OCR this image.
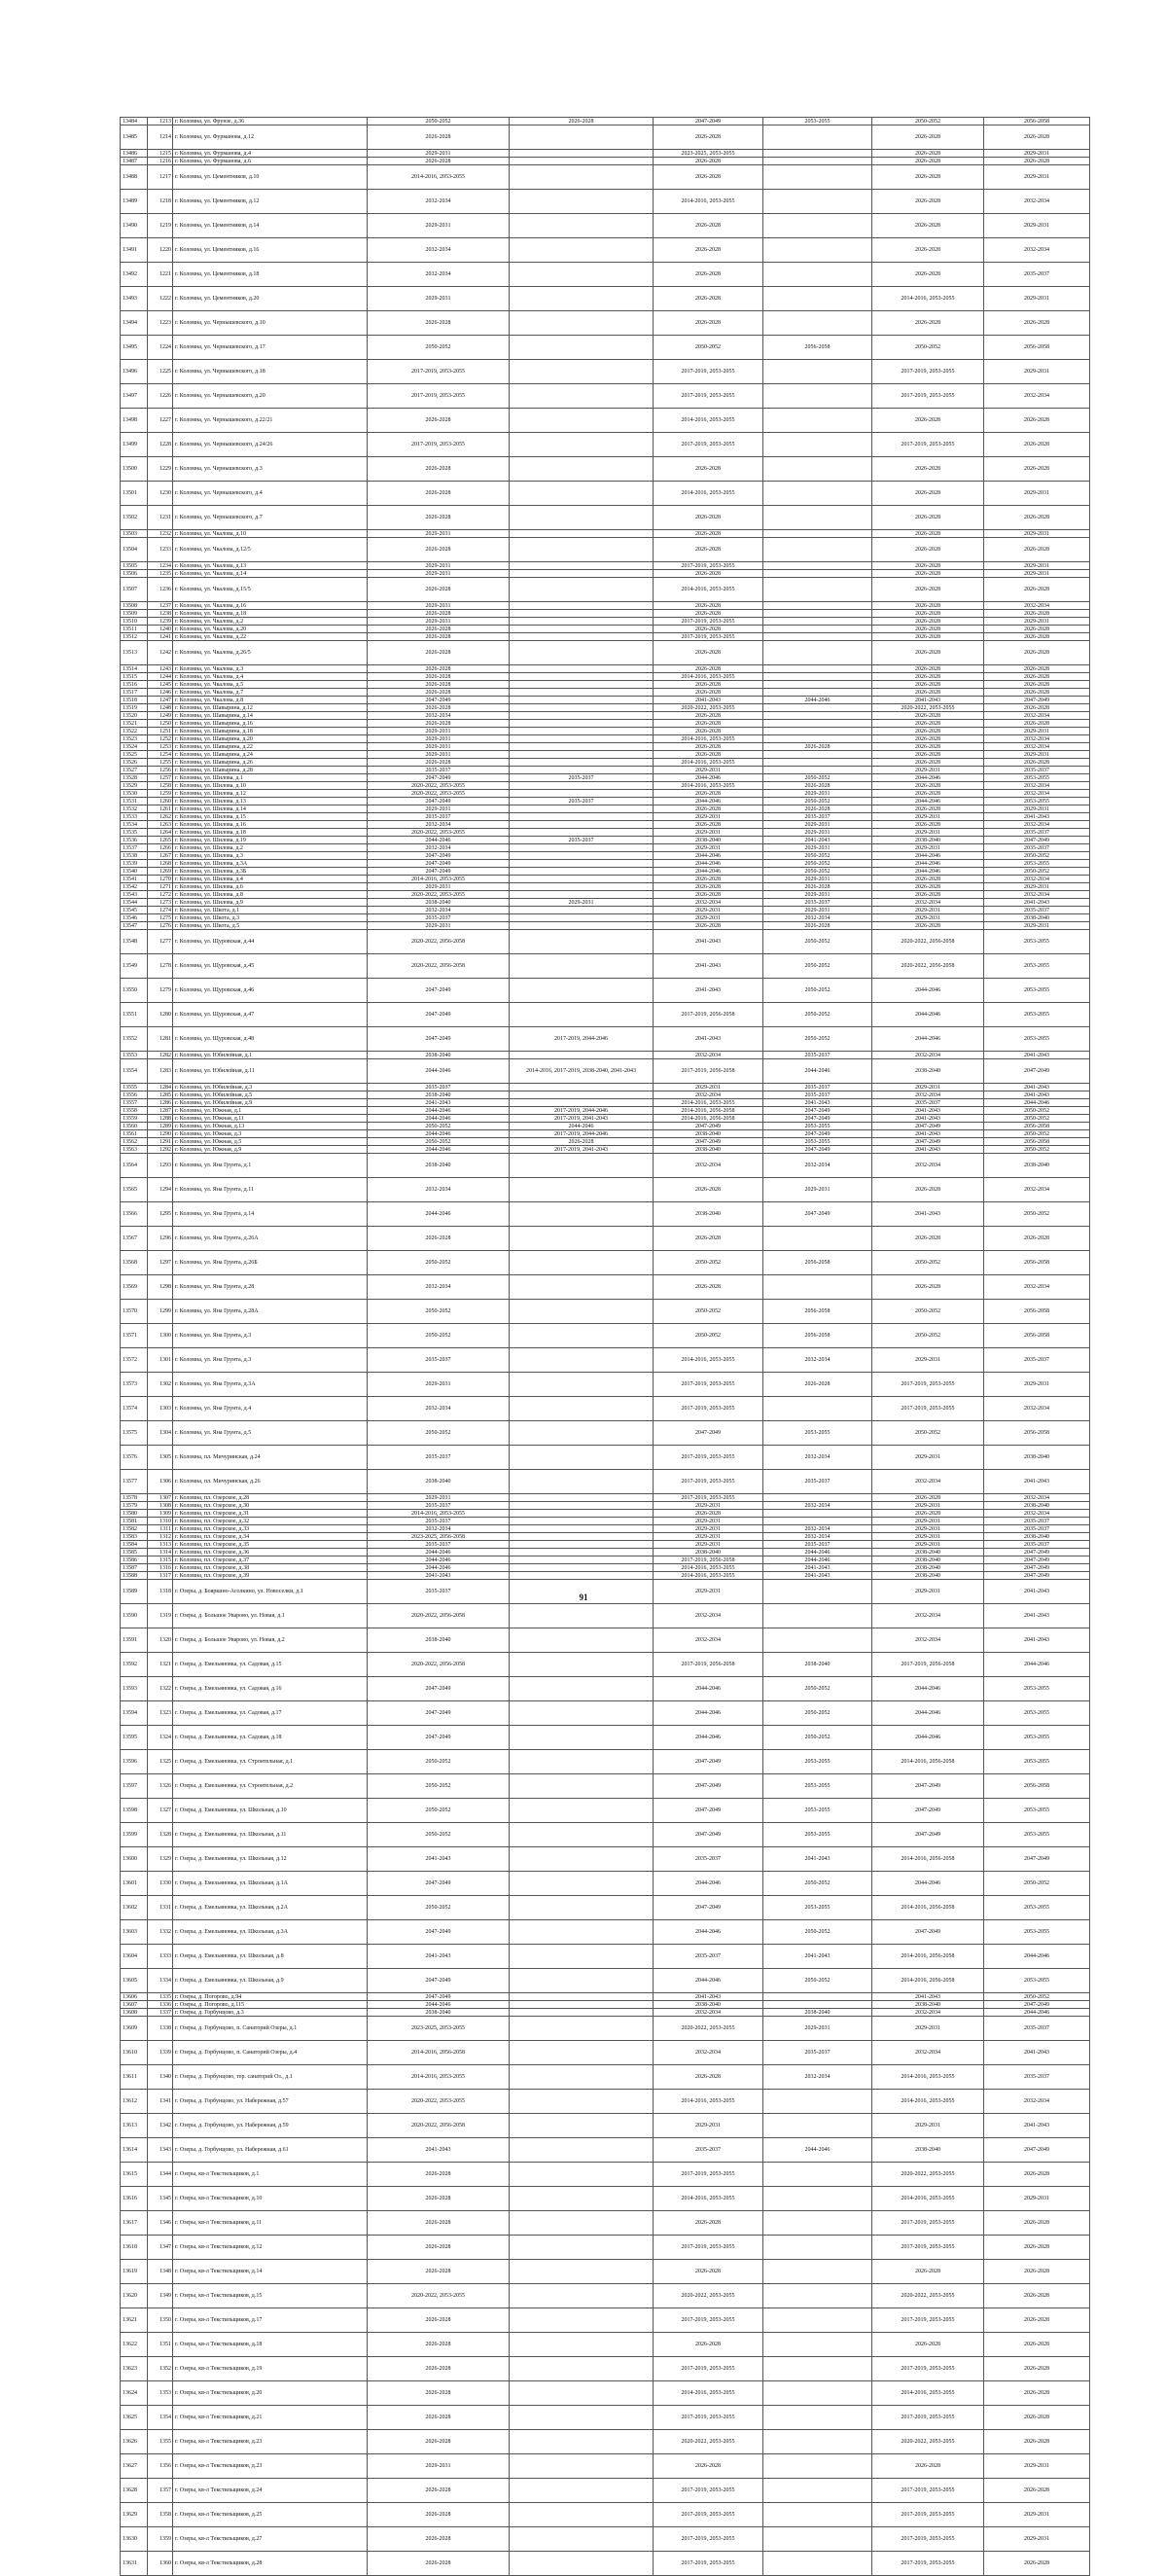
13484	1213	г. Коломна, ул. Фрунзе, д.36	2050-2052	2026-2028	2047-2049	2053-2055	2050-2052	2056-2058
13485	1214	г. Коломна, ул. Фурманова, д.12	2026-2028		2026-2028		2026-2028	2026-2028
13486	1215	г. Коломна, ул. Фурманова, д.4	2029-2031		2023-2025, 2053-2055		2026-2028	2029-2031
13487	1216	г. Коломна, ул. Фурманова, д.6	2026-2028		2026-2028		2026-2028	2026-2028
13488	1217	г. Коломна, ул. Цементников, д.10	2014-2016, 2053-2055		2026-2028		2026-2028	2029-2031
13489	1218	г. Коломна, ул. Цементников, д.12	2032-2034		2014-2016, 2053-2055		2026-2028	2032-2034
13490	1219	г. Коломна, ул. Цементников, д.14	2029-2031		2026-2028		2026-2028	2029-2031
13491	1220	г. Коломна, ул. Цементников, д.16	2032-2034		2026-2028		2026-2028	2032-2034
13492	1221	г. Коломна, ул. Цементников, д.18	2032-2034		2026-2028		2026-2028	2035-2037
13493	1222	г. Коломна, ул. Цементников, д.20	2029-2031		2026-2028		2014-2016, 2053-2055	2029-2031
13494	1223	г. Коломна, ул. Чернышевского, д.10	2026-2028		2026-2028		2026-2028	2026-2028
13495	1224	г. Коломна, ул. Чернышевского, д.17	2050-2052		2050-2052	2056-2058	2050-2052	2056-2058
13496	1225	г. Коломна, ул. Чернышевского, д.18	2017-2019, 2053-2055		2017-2019, 2053-2055		2017-2019, 2053-2055	2029-2031
13497	1226	г. Коломна, ул. Чернышевского, д.20	2017-2019, 2053-2055		2017-2019, 2053-2055		2017-2019, 2053-2055	2032-2034
13498	1227	г. Коломна, ул. Чернышевского, д.22/21	2026-2028		2014-2016, 2053-2055		2026-2028	2026-2028
13499	1228	г. Коломна, ул. Чернышевского, д.24/26	2017-2019, 2053-2055		2017-2019, 2053-2055		2017-2019, 2053-2055	2026-2028
13500	1229	г. Коломна, ул. Чернышевского, д.3	2026-2028		2026-2028		2026-2028	2026-2028
13501	1230	г. Коломна, ул. Чернышевского, д.4	2026-2028		2014-2016, 2053-2055		2026-2028	2029-2031
13502	1231	г. Коломна, ул. Чернышевского, д.7	2026-2028		2026-2028		2026-2028	2026-2028
13503	1232	г. Коломна, ул. Чкалова, д.10	2029-2031		2026-2028		2026-2028	2029-2031
13504	1233	г. Коломна, ул. Чкалова, д.12/5	2026-2028		2026-2028		2026-2028	2026-2028
13505	1234	г. Коломна, ул. Чкалова, д.13	2029-2031		2017-2019, 2053-2055		2026-2028	2029-2031
13506	1235	г. Коломна, ул. Чкалова, д.14	2029-2031		2026-2028		2026-2028	2029-2031
13507	1236	г. Коломна, ул. Чкалова, д.15/5	2026-2028		2014-2016, 2053-2055		2026-2028	2026-2028
13508	1237	г. Коломна, ул. Чкалова, д.16	2029-2031		2026-2028		2026-2028	2032-2034
13509	1238	г. Коломна, ул. Чкалова, д.18	2026-2028		2026-2028		2026-2028	2026-2028
13510	1239	г. Коломна, ул. Чкалова, д.2	2029-2031		2017-2019, 2053-2055		2026-2028	2029-2031
13511	1240	г. Коломна, ул. Чкалова, д.20	2026-2028		2026-2028		2026-2028	2026-2028
13512	1241	г. Коломна, ул. Чкалова, д.22	2026-2028		2017-2019, 2053-2055		2026-2028	2026-2028
13513	1242	г. Коломна, ул. Чкалова, д.26/5	2026-2028		2026-2028		2026-2028	2026-2028
13514	1243	г. Коломна, ул. Чкалова, д.3	2026-2028		2026-2028		2026-2028	2026-2028
13515	1244	г. Коломна, ул. Чкалова, д.4	2026-2028		2014-2016, 2053-2055		2026-2028	2026-2028
13516	1245	г. Коломна, ул. Чкалова, д.5	2026-2028		2026-2028		2026-2028	2026-2028
13517	1246	г. Коломна, ул. Чкалова, д.7	2026-2028		2026-2028		2026-2028	2026-2028
13518	1247	г. Коломна, ул. Чкалова, д.8	2047-2049		2041-2043	2044-2046	2041-2043	2047-2049
13519	1248	г. Коломна, ул. Шавырина, д.12	2026-2028		2020-2022, 2053-2055		2020-2022, 2053-2055	2026-2028
13520	1249	г. Коломна, ул. Шавырина, д.14	2032-2034		2026-2028		2026-2028	2032-2034
13521	1250	г. Коломна, ул. Шавырина, д.16	2026-2028		2026-2028		2026-2028	2026-2028
13522	1251	г. Коломна, ул. Шавырина, д.18	2029-2031		2026-2028		2026-2028	2029-2031
13523	1252	г. Коломна, ул. Шавырина, д.20	2029-2031		2014-2016, 2053-2055		2026-2028	2032-2034
13524	1253	г. Коломна, ул. Шавырина, д.22	2029-2031		2026-2028	2026-2028	2026-2028	2032-2034
13525	1254	г. Коломна, ул. Шавырина, д.24	2029-2031		2026-2028		2026-2028	2029-2031
13526	1255	г. Коломна, ул. Шавырина, д.26	2026-2028		2014-2016, 2053-2055		2026-2028	2026-2028
13527	1256	г. Коломна, ул. Шавырина, д.28	2035-2037		2029-2031		2029-2031	2035-2037
13528	1257	г. Коломна, ул. Шилова, д.1	2047-2049	2035-2037	2044-2046	2050-2052	2044-2046	2053-2055
13529	1258	г. Коломна, ул. Шилова, д.10	2020-2022, 2053-2055		2014-2016, 2053-2055	2026-2028	2026-2028	2032-2034
13530	1259	г. Коломна, ул. Шилова, д.12	2020-2022, 2053-2055		2026-2028	2029-2031	2026-2028	2032-2034
13531	1260	г. Коломна, ул. Шилова, д.13	2047-2049	2035-2037	2044-2046	2050-2052	2044-2046	2053-2055
13532	1261	г. Коломна, ул. Шилова, д.14	2029-2031		2026-2028	2026-2028	2026-2028	2029-2031
13533	1262	г. Коломна, ул. Шилова, д.15	2035-2037		2029-2031	2035-2037	2029-2031	2041-2043
13534	1263	г. Коломна, ул. Шилова, д.16	2032-2034		2026-2028	2029-2031	2026-2028	2032-2034
13535	1264	г. Коломна, ул. Шилова, д.18	2020-2022, 2053-2055		2029-2031	2029-2031	2029-2031	2035-2037
13536	1265	г. Коломна, ул. Шилова, д.19	2044-2046	2035-2037	2038-2040	2041-2043	2038-2040	2047-2049
13537	1266	г. Коломна, ул. Шилова, д.2	2032-2034		2029-2031	2029-2031	2029-2031	2035-2037
13538	1267	г. Коломна, ул. Шилова, д.3	2047-2049		2044-2046	2050-2052	2044-2046	2050-2052
13539	1268	г. Коломна, ул. Шилова, д.3А	2047-2049		2044-2046	2050-2052	2044-2046	2053-2055
13540	1269	г. Коломна, ул. Шилова, д.3Б	2047-2049		2044-2046	2050-2052	2044-2046	2050-2052
13541	1270	г. Коломна, ул. Шилова, д.4	2014-2016, 2053-2055		2026-2028	2029-2031	2026-2028	2032-2034
13542	1271	г. Коломна, ул. Шилова, д.6	2029-2031		2026-2028	2026-2028	2026-2028	2029-2031
13543	1272	г. Коломна, ул. Шилова, д.8	2020-2022, 2053-2055		2026-2028	2029-2031	2026-2028	2032-2034
13544	1273	г. Коломна, ул. Шилова, д.9	2038-2040	2029-2031	2032-2034	2035-2037	2032-2034	2041-2043
13545	1274	г. Коломна, ул. Шкота, д.1	2032-2034		2029-2031	2029-2031	2029-2031	2035-2037
13546	1275	г. Коломна, ул. Шкота, д.3	2035-2037		2029-2031	2032-2034	2029-2031	2038-2040
13547	1276	г. Коломна, ул. Шкота, д.5	2029-2031		2026-2028	2026-2028	2026-2028	2029-2031
13548	1277	г. Коломна, ул. Щуровская, д.44	2020-2022, 2056-2058		2041-2043	2050-2052	2020-2022, 2056-2058	2053-2055
13549	1278	г. Коломна, ул. Щуровская, д.45	2020-2022, 2056-2058		2041-2043	2050-2052	2020-2022, 2056-2058	2053-2055
13550	1279	г. Коломна, ул. Щуровская, д.46	2047-2049		2041-2043	2050-2052	2044-2046	2053-2055
13551	1280	г. Коломна, ул. Щуровская, д.47	2047-2049		2017-2019, 2056-2058	2050-2052	2044-2046	2053-2055
13552	1281	г. Коломна, ул. Щуровская, д.48	2047-2049	2017-2019, 2044-2046	2041-2043	2050-2052	2044-2046	2053-2055
13553	1282	г. Коломна, ул. Юбилейная, д.1	2038-2040		2032-2034	2035-2037	2032-2034	2041-2043
13554	1283	г. Коломна, ул. Юбилейная, д.11	2044-2046	2014-2016, 2017-2019, 2038-2040, 2041-2043	2017-2019, 2056-2058	2044-2046	2038-2040	2047-2049
13555	1284	г. Коломна, ул. Юбилейная, д.3	2035-2037		2029-2031	2035-2037	2029-2031	2041-2043
13556	1285	г. Коломна, ул. Юбилейная, д.5	2038-2040		2032-2034	2035-2037	2032-2034	2041-2043
13557	1286	г. Коломна, ул. Юбилейная, д.9	2041-2043		2014-2016, 2053-2055	2041-2043	2035-2037	2044-2046
13558	1287	г. Коломна, ул. Южная, д.1	2044-2046	2017-2019, 2044-2046	2014-2016, 2056-2058	2047-2049	2041-2043	2050-2052
13559	1288	г. Коломна, ул. Южная, д.11	2044-2046	2017-2019, 2041-2043	2014-2016, 2056-2058	2047-2049	2041-2043	2050-2052
13560	1289	г. Коломна, ул. Южная, д.13	2050-2052	2044-2046	2047-2049	2053-2055	2047-2049	2056-2058
13561	1290	г. Коломна, ул. Южная, д.3	2044-2046	2017-2019, 2044-2046	2038-2040	2047-2049	2041-2043	2050-2052
13562	1291	г. Коломна, ул. Южная, д.5	2050-2052	2026-2028	2047-2049	2053-2055	2047-2049	2056-2058
13563	1292	г. Коломна, ул. Южная, д.9	2044-2046	2017-2019, 2041-2043	2038-2040	2047-2049	2041-2043	2050-2052
13564	1293	г. Коломна, ул. Яна Грунта, д.1	2038-2040		2032-2034	2032-2034	2032-2034	2038-2040
13565	1294	г. Коломна, ул. Яна Грунта, д.11	2032-2034		2026-2028	2029-2031	2026-2028	2032-2034
13566	1295	г. Коломна, ул. Яна Грунта, д.14	2044-2046		2038-2040	2047-2049	2041-2043	2050-2052
13567	1296	г. Коломна, ул. Яна Грунта, д.26А	2026-2028		2026-2028		2026-2028	2026-2028
13568	1297	г. Коломна, ул. Яна Грунта, д.26Б	2050-2052		2050-2052	2056-2058	2050-2052	2056-2058
13569	1298	г. Коломна, ул. Яна Грунта, д.28	2032-2034		2026-2028		2026-2028	2032-2034
13570	1299	г. Коломна, ул. Яна Грунта, д.28А	2050-2052		2050-2052	2056-2058	2050-2052	2056-2058
13571	1300	г. Коломна, ул. Яна Грунта, д.3	2050-2052		2050-2052	2056-2058	2050-2052	2056-2058
13572	1301	г. Коломна, ул. Яна Грунта, д.3	2035-2037		2014-2016, 2053-2055	2032-2034	2029-2031	2035-2037
13573	1302	г. Коломна, ул. Яна Грунта, д.3А	2029-2031		2017-2019, 2053-2055	2026-2028	2017-2019, 2053-2055	2029-2031
13574	1303	г. Коломна, ул. Яна Грунта, д.4	2032-2034		2017-2019, 2053-2055		2017-2019, 2053-2055	2032-2034
13575	1304	г. Коломна, ул. Яна Грунта, д.5	2050-2052		2047-2049	2053-2055	2050-2052	2056-2058
13576	1305	г. Коломна, пл. Мичуринская, д.24	2035-2037		2017-2019, 2053-2055	2032-2034	2029-2031	2038-2040
13577	1306	г. Коломна, пл. Мичуринская, д.26	2038-2040		2017-2019, 2053-2055	2035-2037	2032-2034	2041-2043
13578	1307	г. Коломна, пл. Озерское, д.28	2029-2031		2017-2019, 2053-2055		2026-2028	2032-2034
13579	1308	г. Коломна, пл. Озерское, д.30	2035-2037		2029-2031	2032-2034	2029-2031	2038-2040
13580	1309	г. Коломна, пл. Озерское, д.31	2014-2016, 2053-2055		2026-2028		2026-2028	2032-2034
13581	1310	г. Коломна, пл. Озерское, д.32	2035-2037		2029-2031		2029-2031	2035-2037
13582	1311	г. Коломна, пл. Озерское, д.33	2032-2034		2029-2031	2032-2034	2029-2031	2035-2037
13583	1312	г. Коломна, пл. Озерское, д.34	2023-2025, 2056-2058		2029-2031	2032-2034	2029-2031	2038-2040
13584	1313	г. Коломна, пл. Озерское, д.35	2035-2037		2029-2031	2035-2037	2029-2031	2035-2037
13585	1314	г. Коломна, пл. Озерское, д.36	2044-2046		2038-2040	2044-2046	2038-2040	2047-2049
13586	1315	г. Коломна, пл. Озерское, д.37	2044-2046		2017-2019, 2056-2058	2044-2046	2038-2040	2047-2049
13587	1316	г. Коломна, пл. Озерское, д.38	2044-2046		2014-2016, 2053-2055	2041-2043	2038-2040	2047-2049
13588	1317	г. Коломна, пл. Озерское, д.39	2041-2043		2014-2016, 2053-2055	2041-2043	2038-2040	2047-2049
13589	1318	г. Озеры, д. Бояркино-Асолкино, ул. Новоселки, д.1	2035-2037		2029-2031		2029-2031	2041-2043
13590	1319	г. Озеры, д. Большое Уварово, ул. Новая, д.1	2020-2022, 2056-2058		2032-2034		2032-2034	2041-2043
13591	1320	г. Озеры, д. Большое Уварово, ул. Новая, д.2	2038-2040		2032-2034		2032-2034	2041-2043
13592	1321	г. Озеры, д. Емельяновка, ул. Садовая, д.15	2020-2022, 2056-2058		2017-2019, 2056-2058	2038-2040	2017-2019, 2056-2058	2044-2046
13593	1322	г. Озеры, д. Емельяновка, ул. Садовая, д.16	2047-2049		2044-2046	2050-2052	2044-2046	2053-2055
13594	1323	г. Озеры, д. Емельяновка, ул. Садовая, д.17	2047-2049		2044-2046	2050-2052	2044-2046	2053-2055
13595	1324	г. Озеры, д. Емельяновка, ул. Садовая, д.18	2047-2049		2044-2046	2050-2052	2044-2046	2053-2055
13596	1325	г. Озеры, д. Емельяновка, ул. Строительная, д.1	2050-2052		2047-2049	2053-2055	2014-2016, 2056-2058	2053-2055
13597	1326	г. Озеры, д. Емельяновка, ул. Строительная, д.2	2050-2052		2047-2049	2053-2055	2047-2049	2056-2058
13598	1327	г. Озеры, д. Емельяновка, ул. Школьная, д.10	2050-2052		2047-2049	2053-2055	2047-2049	2053-2055
13599	1328	г. Озеры, д. Емельяновка, ул. Школьная, д.11	2050-2052		2047-2049	2053-2055	2047-2049	2053-2055
13600	1329	г. Озеры, д. Емельяновка, ул. Школьная, д.12	2041-2043		2035-2037	2041-2043	2014-2016, 2056-2058	2047-2049
13601	1330	г. Озеры, д. Емельяновка, ул. Школьная, д.1А	2047-2049		2044-2046	2050-2052	2044-2046	2050-2052
13602	1331	г. Озеры, д. Емельяновка, ул. Школьная, д.2А	2050-2052		2047-2049	2053-2055	2014-2016, 2056-2058	2053-2055
13603	1332	г. Озеры, д. Емельяновка, ул. Школьная, д.3А	2047-2049		2044-2046	2050-2052	2047-2049	2053-2055
13604	1333	г. Озеры, д. Емельяновка, ул. Школьная, д.8	2041-2043		2035-2037	2041-2043	2014-2016, 2056-2058	2044-2046
13605	1334	г. Озеры, д. Емельяновка, ул. Школьная, д.9	2047-2049		2044-2046	2050-2052	2014-2016, 2056-2058	2053-2055
13606	1335	г. Озеры, д. Погорово, д.94	2047-2049		2041-2043		2041-2043	2050-2052
13607	1336	г. Озеры, д. Погорово, д.115	2044-2046		2038-2040		2038-2040	2047-2049
13608	1337	г. Озеры, д. Горбунцово, д.3	2038-2040		2032-2034	2038-2040	2032-2034	2044-2046
13609	1338	г. Озеры, д. Горбунцово, п. Санаторий Озеры, д.1	2023-2025, 2053-2055		2020-2022, 2053-2055	2029-2031	2029-2031	2035-2037
13610	1339	г. Озеры, д. Горбунцово, п. Санаторий Озеры, д.4	2014-2016, 2056-2058		2032-2034	2035-2037	2032-2034	2041-2043
13611	1340	г. Озеры, д. Горбунцово, тер. санаторий Оз., д.1	2014-2016, 2053-2055		2026-2028	2032-2034	2014-2016, 2053-2055	2035-2037
13612	1341	г. Озеры, д. Горбунцово, ул. Набережная, д.57	2020-2022, 2053-2055		2014-2016, 2053-2055		2014-2016, 2053-2055	2032-2034
13613	1342	г. Озеры, д. Горбунцово, ул. Набережная, д.59	2020-2022, 2056-2058		2029-2031		2029-2031	2041-2043
13614	1343	г. Озеры, д. Горбунцово, ул. Набережная, д.61	2041-2043		2035-2037	2044-2046	2038-2040	2047-2049
13615	1344	г. Озеры, кв-л Текстильщиков, д.1	2026-2028		2017-2019, 2053-2055		2020-2022, 2053-2055	2026-2028
13616	1345	г. Озеры, кв-л Текстильщиков, д.10	2026-2028		2014-2016, 2053-2055		2014-2016, 2053-2055	2029-2031
13617	1346	г. Озеры, кв-л Текстильщиков, д.11	2026-2028		2026-2028		2017-2019, 2053-2055	2026-2028
13618	1347	г. Озеры, кв-л Текстильщиков, д.12	2026-2028		2017-2019, 2053-2055		2017-2019, 2053-2055	2026-2028
13619	1348	г. Озеры, кв-л Текстильщиков, д.14	2026-2028		2026-2028		2026-2028	2026-2028
13620	1349	г. Озеры, кв-л Текстильщиков, д.15	2020-2022, 2053-2055		2020-2022, 2053-2055		2020-2022, 2053-2055	2026-2028
13621	1350	г. Озеры, кв-л Текстильщиков, д.17	2026-2028		2017-2019, 2053-2055		2017-2019, 2053-2055	2026-2028
13622	1351	г. Озеры, кв-л Текстильщиков, д.18	2026-2028		2026-2028		2026-2028	2026-2028
13623	1352	г. Озеры, кв-л Текстильщиков, д.19	2026-2028		2017-2019, 2053-2055		2017-2019, 2053-2055	2026-2028
13624	1353	г. Озеры, кв-л Текстильщиков, д.20	2026-2028		2014-2016, 2053-2055		2014-2016, 2053-2055	2026-2028
13625	1354	г. Озеры, кв-л Текстильщиков, д.21	2026-2028		2017-2019, 2053-2055		2017-2019, 2053-2055	2026-2028
13626	1355	г. Озеры, кв-л Текстильщиков, д.23	2026-2028		2020-2022, 2053-2055		2020-2022, 2053-2055	2026-2028
13627	1356	г. Озеры, кв-л Текстильщиков, д.23	2029-2031		2026-2028		2026-2028	2029-2031
13628	1357	г. Озеры, кв-л Текстильщиков, д.24	2026-2028		2017-2019, 2053-2055		2017-2019, 2053-2055	2026-2028
13629	1358	г. Озеры, кв-л Текстильщиков, д.25	2026-2028		2017-2019, 2053-2055		2017-2019, 2053-2055	2029-2031
13630	1359	г. Озеры, кв-л Текстильщиков, д.27	2026-2028		2017-2019, 2053-2055		2017-2019, 2053-2055	2029-2031
13631	1360	г. Озеры, кв-л Текстильщиков, д.28	2026-2028		2017-2019, 2053-2055		2017-2019, 2053-2055	2026-2028
91
